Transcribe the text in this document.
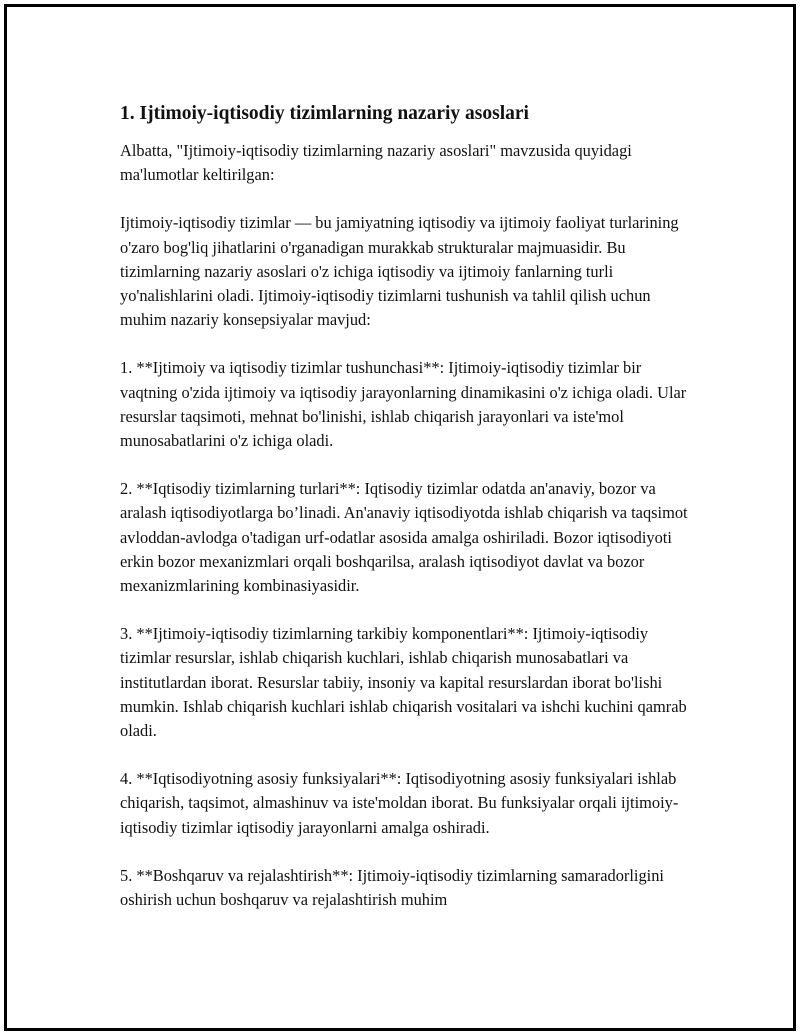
1. Ijtimoiy-iqtisodiy tizimlarning nazariy asoslari

Albatta, "Ijtimoiy-iqtisodiy tizimlarning nazariy asoslari" mavzusida quyidagi ma'lumotlar keltirilgan:

Ijtimoiy-iqtisodiy tizimlar — bu jamiyatning iqtisodiy va ijtimoiy faoliyat turlarining o'zaro bog'liq jihatlarini o'rganadigan murakkab strukturalar majmuasidir. Bu tizimlarning nazariy asoslari o'z ichiga iqtisodiy va ijtimoiy fanlarning turli yo'nalishlarini oladi. Ijtimoiy-iqtisodiy tizimlarni tushunish va tahlil qilish uchun muhim nazariy konsepsiyalar mavjud:

1. **Ijtimoiy va iqtisodiy tizimlar tushunchasi**: Ijtimoiy-iqtisodiy tizimlar bir vaqtning o'zida ijtimoiy va iqtisodiy jarayonlarning dinamikasini o'z ichiga oladi. Ular resurslar taqsimoti, mehnat bo'linishi, ishlab chiqarish jarayonlari va iste'mol munosabatlarini o'z ichiga oladi.

2. **Iqtisodiy tizimlarning turlari**: Iqtisodiy tizimlar odatda an'anaviy, bozor va aralash iqtisodiyotlarga bo’linadi. An'anaviy iqtisodiyotda ishlab chiqarish va taqsimot avloddan-avlodga o'tadigan urf-odatlar asosida amalga oshiriladi. Bozor iqtisodiyoti erkin bozor mexanizmlari orqali boshqarilsa, aralash iqtisodiyot davlat va bozor mexanizmlarining kombinasiyasidir.

3. **Ijtimoiy-iqtisodiy tizimlarning tarkibiy komponentlari**: Ijtimoiy-iqtisodiy tizimlar resurslar, ishlab chiqarish kuchlari, ishlab chiqarish munosabatlari va institutlardan iborat. Resurslar tabiiy, insoniy va kapital resurslardan iborat bo'lishi mumkin. Ishlab chiqarish kuchlari ishlab chiqarish vositalari va ishchi kuchini qamrab oladi.

4. **Iqtisodiyotning asosiy funksiyalari**: Iqtisodiyotning asosiy funksiyalari ishlab chiqarish, taqsimot, almashinuv va iste'moldan iborat. Bu funksiyalar orqali ijtimoiy-iqtisodiy tizimlar iqtisodiy jarayonlarni amalga oshiradi.

5. **Boshqaruv va rejalashtirish**: Ijtimoiy-iqtisodiy tizimlarning samaradorligini oshirish uchun boshqaruv va rejalashtirish muhim
